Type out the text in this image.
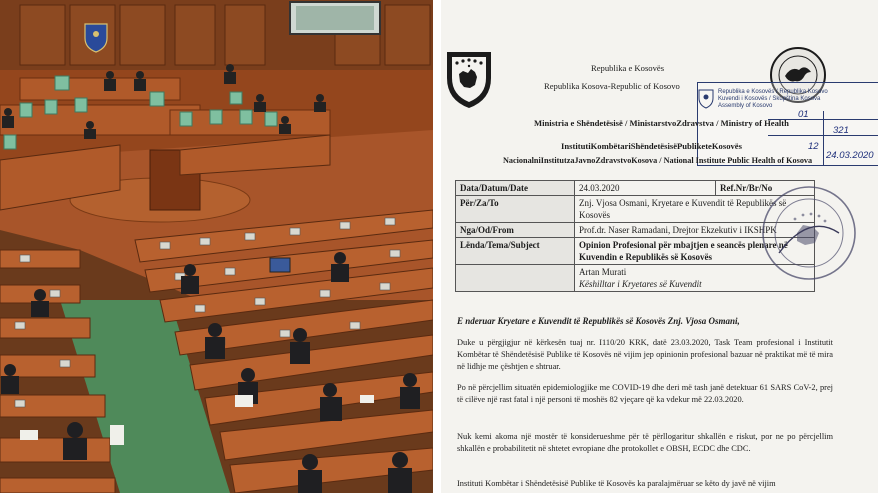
Republika e Kosovës
Republika Kosova-Republic of Kosovo
Republika e Kosovës / Republika Kosovo
Kuvendi i Kosovës / Skupština Kosova
Assembly of Kosovo
01
321
12
24.03.2020
Ministria e Shëndetësisë / MinistarstvoZdravstva / Ministry of Health
InstitutiKombëtariShëndetësisëPubliketeKosovës
NacionalniInstitutzaJavnoZdravstvoKosova / National Institute Public Health of Kosova
Data/Datum/Date	24.03.2020	Ref.Nr/Br/No
Për/Za/To	Znj. Vjosa Osmani, Kryetare e Kuvendit të Republikës së Kosovës	
Nga/Od/From	Prof.dr. Naser Ramadani, Drejtor Ekzekutiv i IKSHPK	
Lënda/Tema/Subject	Opinion Profesional për mbajtjen e seancës plenare në Kuvendin e Republikës së Kosovës	

	Artan Murati
Këshilltar i Kryetares së Kuvendit	
E nderuar Kryetare e Kuvendit të Republikës së Kosovës Znj. Vjosa Osmani,
Duke u përgjigjur në kërkesën tuaj nr. I110/20 KRK, datë 23.03.2020, Task Team profesional i Institutit Kombëtar të Shëndetësisë Publike të Kosovës në vijim jep opinionin profesional bazuar në praktikat më të mira në lidhje me çështjen e shtruar.
Po në përcjellim situatën epidemiologjike me COVID-19 dhe deri më tash janë detektuar 61 SARS CoV-2, prej të cilëve një rast fatal i një personi të moshës 82 vjeçare që ka vdekur më 22.03.2020.
Nuk kemi akoma një mostër të konsiderueshme për të përllogaritur shkallën e riskut, por ne po përcjellim shkallën e probabilitetit në shtetet evropiane dhe protokollet e OBSH, ECDC dhe CDC.
Instituti Kombëtar i Shëndetësisë Publike të Kosovës ka paralajmëruar se këto dy javë në vijim
